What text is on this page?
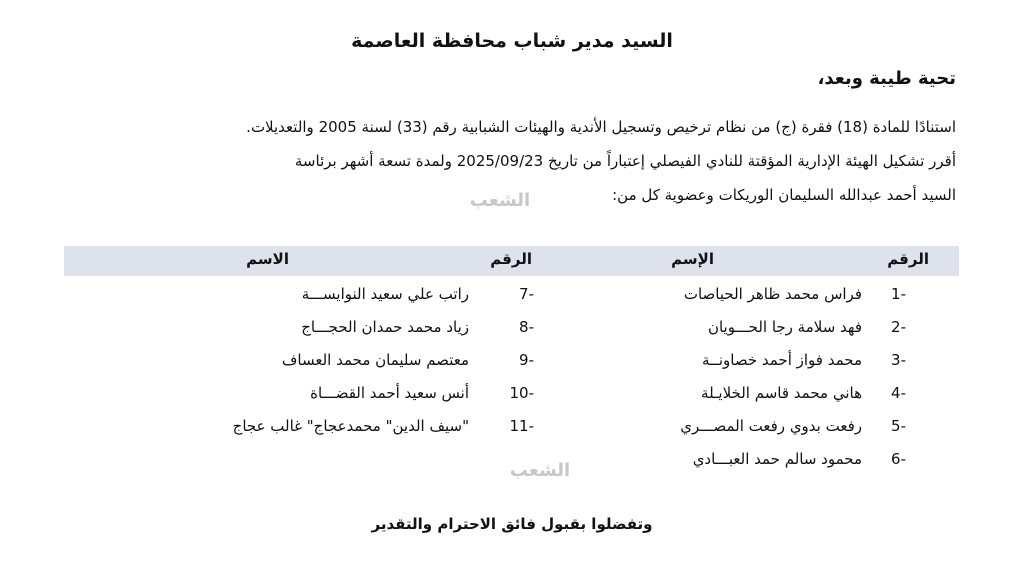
السيد مدير شباب محافظة العاصمة
تحية طيبة وبعد،
استنادًا للمادة (18) فقرة (ج) من نظام ترخيص وتسجيل الأندية والهيئات الشبابية رقم (33) لسنة 2005 والتعديلات.
أقرر تشكيل الهيئة الإدارية المؤقتة للنادي الفيصلي إعتباراً من تاريخ 2025/09/23 ولمدة تسعة أشهر برئاسة
السيد أحمد عبدالله السليمان الوريكات وعضوية كل من:
الشعب
الرقم
الإسم
الرقم
الاسم
-1
فراس محمد ظاهر الحياصات
-2
فهد سلامة رجا الحـــويان
-3
محمد فواز أحمد خصاونــة
-4
هاني محمد قاسم الخلايـلة
-5
رفعت بدوي رفعت المصـــري
-6
محمود سالم حمد العبـــادي
-7
راتب علي سعيد النوايســـة
-8
زياد محمد حمدان الحجـــاج
-9
معتصم سليمان محمد العساف
-10
أنس سعيد أحمد القضـــاة
-11
"سيف الدين" محمدعجاج" غالب عجاج
الشعب
وتفضلوا بقبول فائق الاحترام والتقدير
